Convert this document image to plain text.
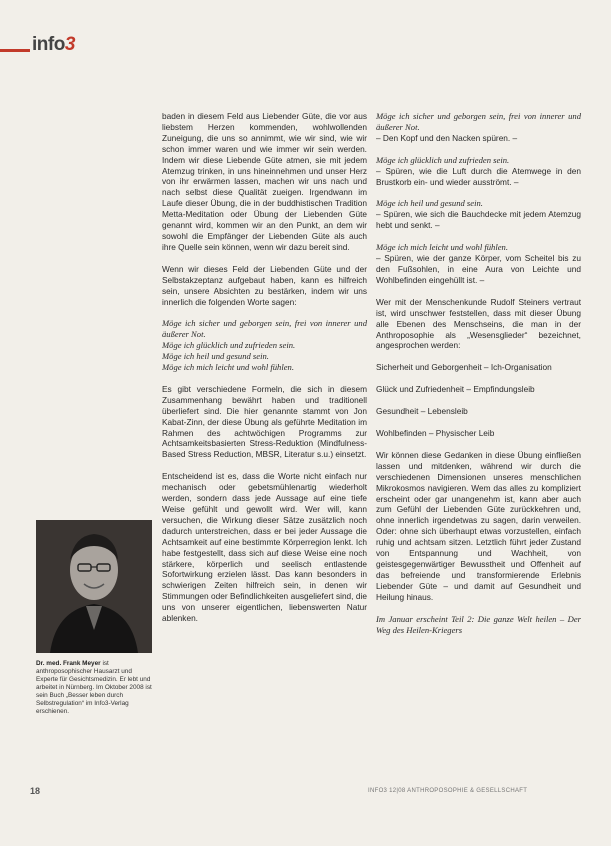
info3

baden in diesem Feld aus Liebender Güte, die vor aus liebstem Herzen kommenden, wohlwollenden Zuneigung, die uns so annimmt, wie wir sind, wie wir schon immer waren und wie immer wir sein werden. Indem wir diese Liebende Güte atmen, sie mit jedem Atemzug trinken, in uns hineinnehmen und unser Herz von ihr erwärmen lassen, machen wir uns nach und nach selbst diese Qualität zueigen. Irgendwann im Laufe dieser Übung, die in der buddhistischen Tradition Metta-Meditation oder Übung der Liebenden Güte genannt wird, kommen wir an den Punkt, an dem wir sowohl die Empfänger der Liebenden Güte als auch ihre Quelle sein können, wenn wir dazu bereit sind.

Wenn wir dieses Feld der Liebenden Güte und der Selbstakzeptanz aufgebaut haben, kann es hilfreich sein, unsere Absichten zu bestärken, indem wir uns innerlich die folgenden Worte sagen:

Möge ich sicher und geborgen sein, frei von innerer und äußerer Not.
Möge ich glücklich und zufrieden sein.
Möge ich heil und gesund sein.
Möge ich mich leicht und wohl fühlen.

Es gibt verschiedene Formeln, die sich in diesem Zusammenhang bewährt haben und traditionell überliefert sind. Die hier genannte stammt von Jon Kabat-Zinn, der diese Übung als geführte Meditation im Rahmen des achtwöchigen Programms zur Achtsamkeitsbasierten Stress-Reduktion (Mindfulness-Based Stress Reduction, MBSR, Literatur s.u.) einsetzt.

Entscheidend ist es, dass die Worte nicht einfach nur mechanisch oder gebetsmühlenartig wiederholt werden, sondern dass jede Aussage auf eine tiefe Weise gefühlt und gewollt wird. Wer will, kann versuchen, die Wirkung dieser Sätze zusätzlich noch dadurch unterstreichen, dass er bei jeder Aussage die Achtsamkeit auf eine bestimmte Körperregion lenkt. Ich habe festgestellt, dass sich auf diese Weise eine noch stärkere, körperlich und seelisch entlastende Sofortwirkung erzielen lässt. Das kann besonders in schwierigen Zeiten hilfreich sein, in denen wir Stimmungen oder Befindlichkeiten ausgeliefert sind, die uns von unserer eigentlichen, liebenswerten Natur ablenken.

Möge ich sicher und geborgen sein, frei von innerer und äußerer Not.
– Den Kopf und den Nacken spüren. –
Möge ich glücklich und zufrieden sein.
– Spüren, wie die Luft durch die Atemwege in den Brustkorb ein- und wieder ausströmt. –
Möge ich heil und gesund sein.
– Spüren, wie sich die Bauchdecke mit jedem Atemzug hebt und senkt. –
Möge ich mich leicht und wohl fühlen.
– Spüren, wie der ganze Körper, vom Scheitel bis zu den Fußsohlen, in eine Aura von Leichte und Wohlbefinden eingehüllt ist. –

Wer mit der Menschenkunde Rudolf Steiners vertraut ist, wird unschwer feststellen, dass mit dieser Übung alle Ebenen des Menschseins, die man in der Anthroposophie als „Wesensglieder“ bezeichnet, angesprochen werden:

Sicherheit und Geborgenheit – Ich-Organisation

Glück und Zufriedenheit – Empfindungsleib

Gesundheit – Lebensleib

Wohlbefinden – Physischer Leib

Wir können diese Gedanken in diese Übung einfließen lassen und mitdenken, während wir durch die verschiedenen Dimensionen unseres menschlichen Mikrokosmos navigieren. Wem das alles zu kompliziert erscheint oder gar unangenehm ist, kann aber auch zum Gefühl der Liebenden Güte zurückkehren und, ohne innerlich irgendetwas zu sagen, darin verweilen. Oder: ohne sich überhaupt etwas vorzustellen, einfach ruhig und achtsam sitzen. Letztlich führt jeder Zustand von Entspannung und Wachheit, von geistesgegenwärtiger Bewusstheit und Offenheit auf das befreiende und transformierende Erlebnis Liebender Güte – und damit auf Gesundheit und Heilung hinaus.

Im Januar erscheint Teil 2: Die ganze Welt heilen – Der Weg des Heilen-Kriegers

Dr. med. Frank Meyer ist anthroposophischer Hausarzt und Experte für Gesichtsmedizin. Er lebt und arbeitet in Nürnberg. Im Oktober 2008 ist sein Buch „Besser leben durch Selbstregulation“ im Info3-Verlag erschienen.
18	INFO3 12|08 ANTHROPOSOPHIE & GESELLSCHAFT
